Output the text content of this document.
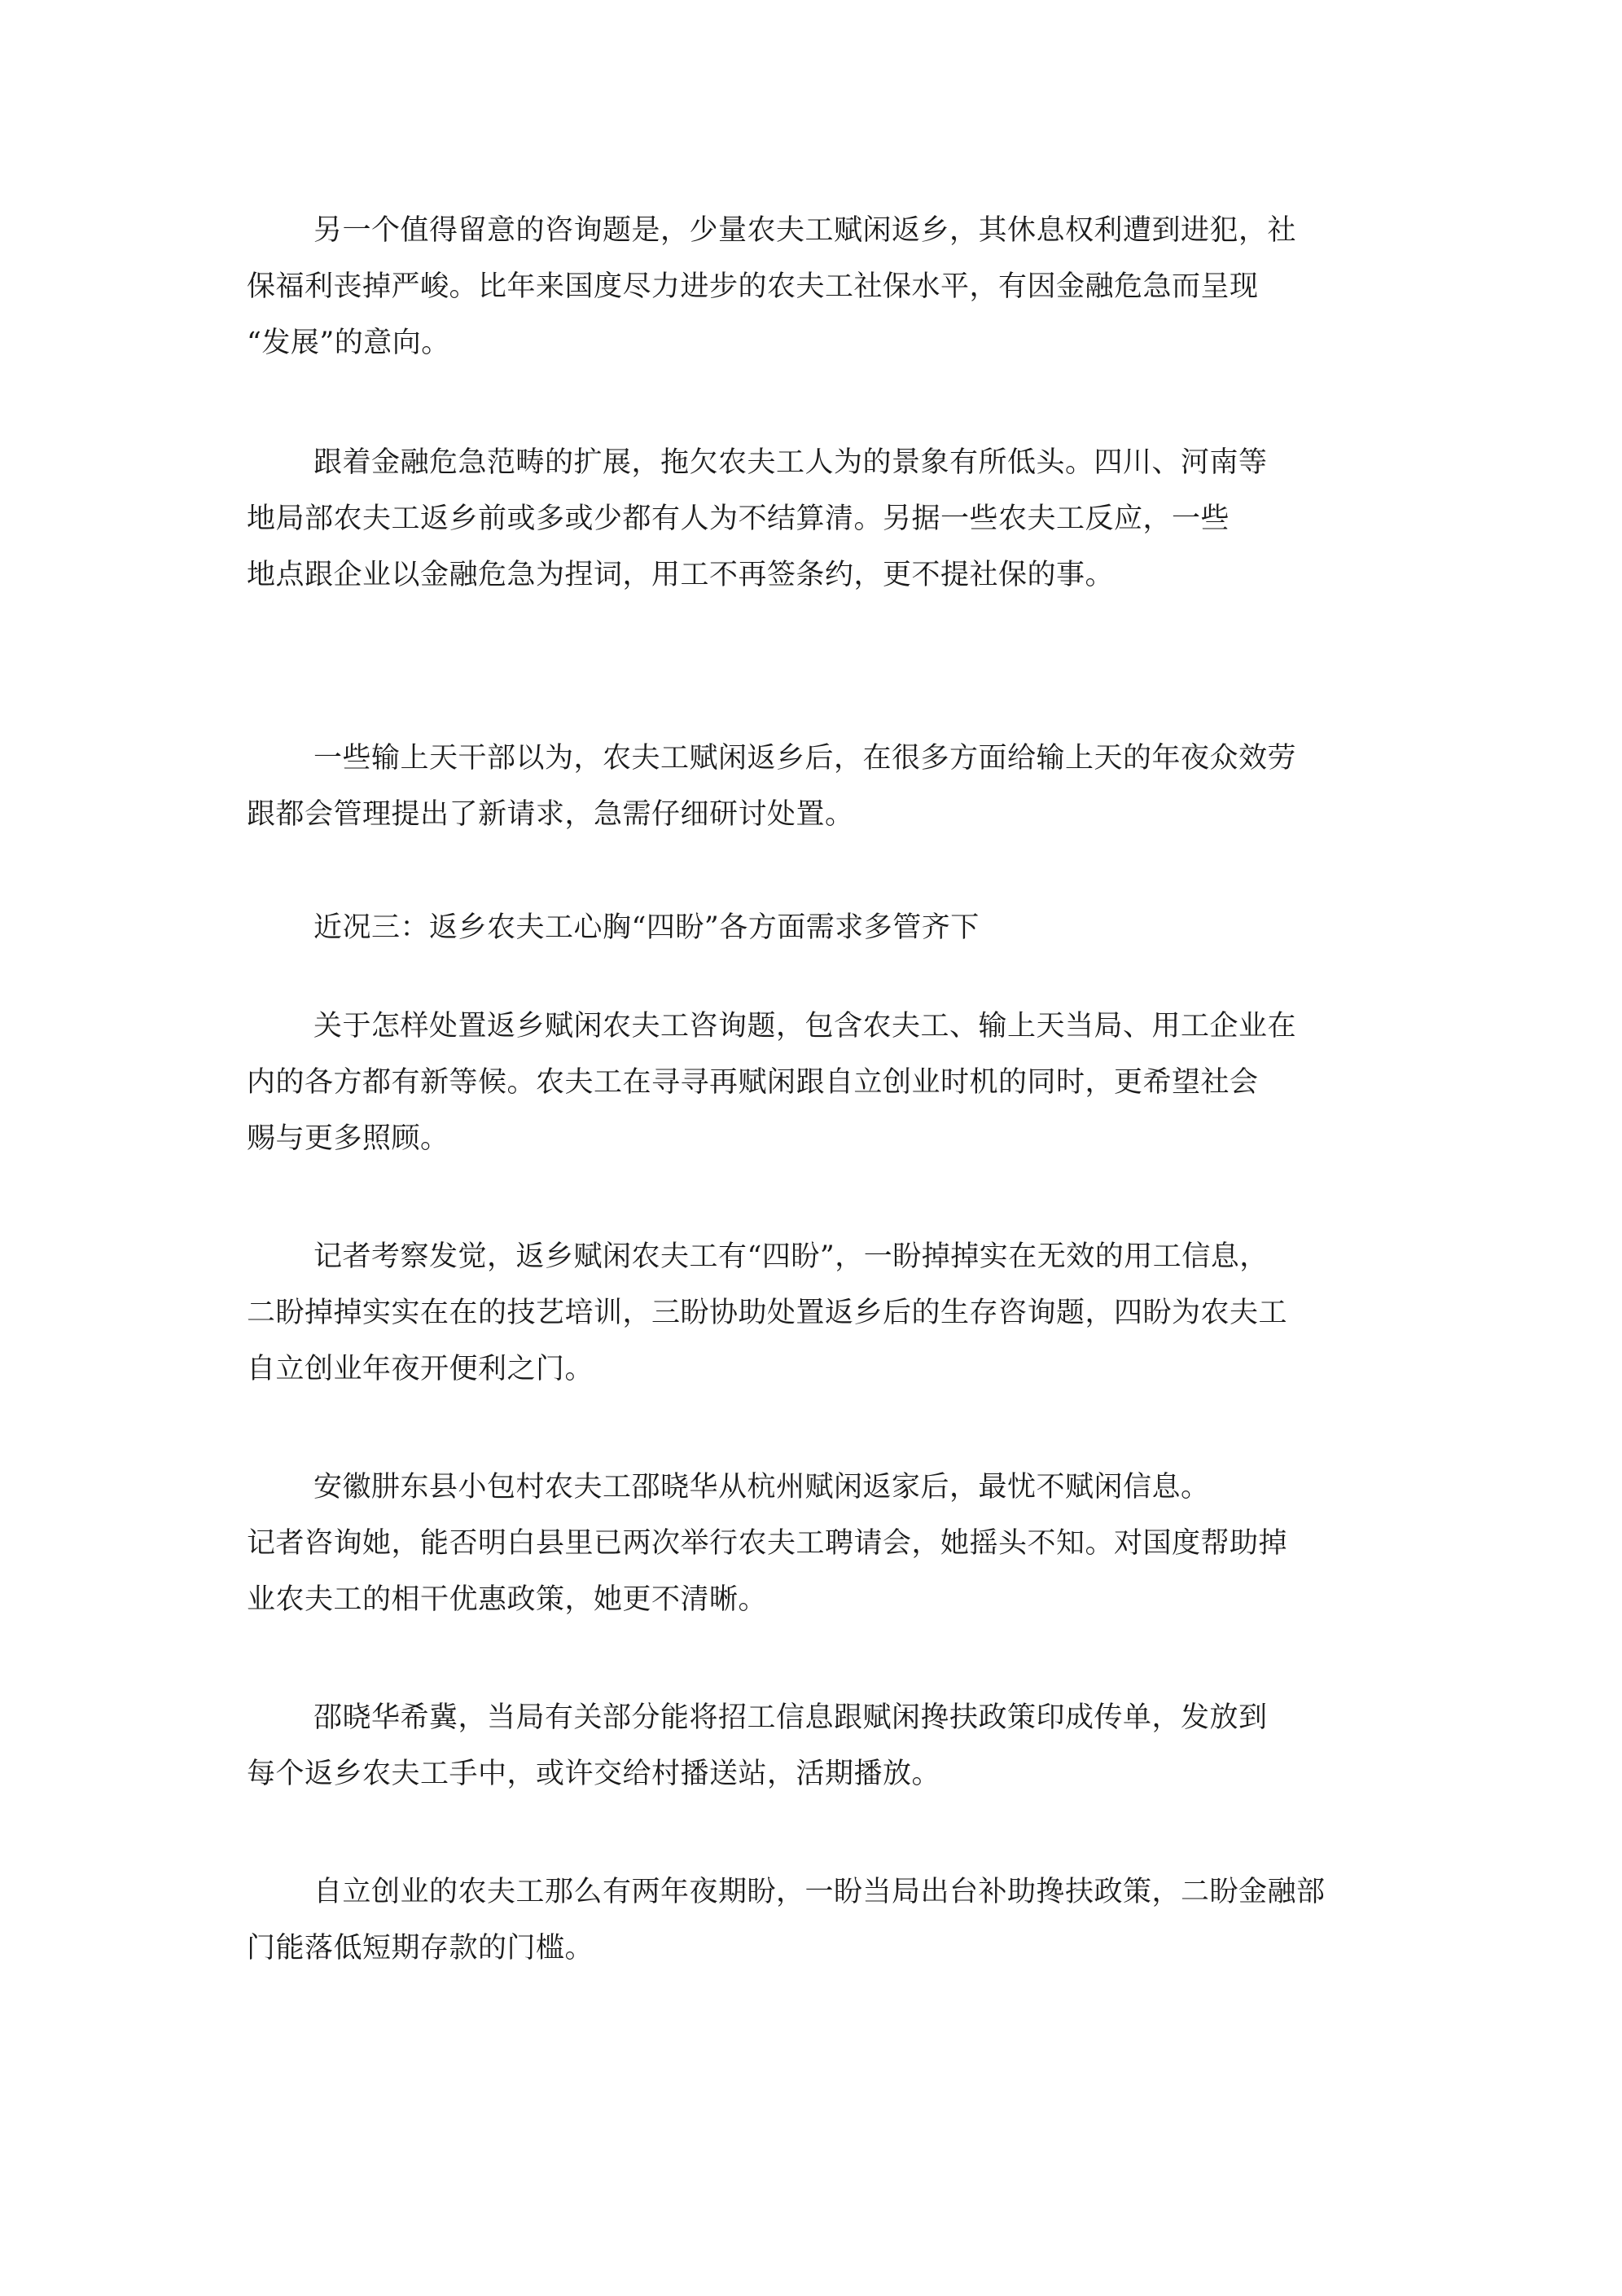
另一个值得留意的咨询题是，少量农夫工赋闲返乡，其休息权利遭到进犯，社
保福利丧掉严峻。比年来国度尽力进步的农夫工社保水平，有因金融危急而呈现
“发展”的意向。
跟着金融危急范畴的扩展，拖欠农夫工人为的景象有所低头。四川、河南等
地局部农夫工返乡前或多或少都有人为不结算清。另据一些农夫工反应，一些
地点跟企业以金融危急为捏词，用工不再签条约，更不提社保的事。
一些输上天干部以为，农夫工赋闲返乡后，在很多方面给输上天的年夜众效劳
跟都会管理提出了新请求，急需仔细研讨处置。
近况三：返乡农夫工心胸“四盼”各方面需求多管齐下
关于怎样处置返乡赋闲农夫工咨询题，包含农夫工、输上天当局、用工企业在
内的各方都有新等候。农夫工在寻寻再赋闲跟自立创业时机的同时，更希望社会
赐与更多照顾。
记者考察发觉，返乡赋闲农夫工有“四盼”，一盼掉掉实在无效的用工信息，
二盼掉掉实实在在的技艺培训，三盼协助处置返乡后的生存咨询题，四盼为农夫工
自立创业年夜开便利之门。
安徽肼东县小包村农夫工邵晓华从杭州赋闲返家后，最忧不赋闲信息。
记者咨询她，能否明白县里已两次举行农夫工聘请会，她摇头不知。对国度帮助掉
业农夫工的相干优惠政策，她更不清晰。
邵晓华希冀，当局有关部分能将招工信息跟赋闲搀扶政策印成传单，发放到
每个返乡农夫工手中，或许交给村播送站，活期播放。
自立创业的农夫工那么有两年夜期盼，一盼当局出台补助搀扶政策，二盼金融部
门能落低短期存款的门槛。
